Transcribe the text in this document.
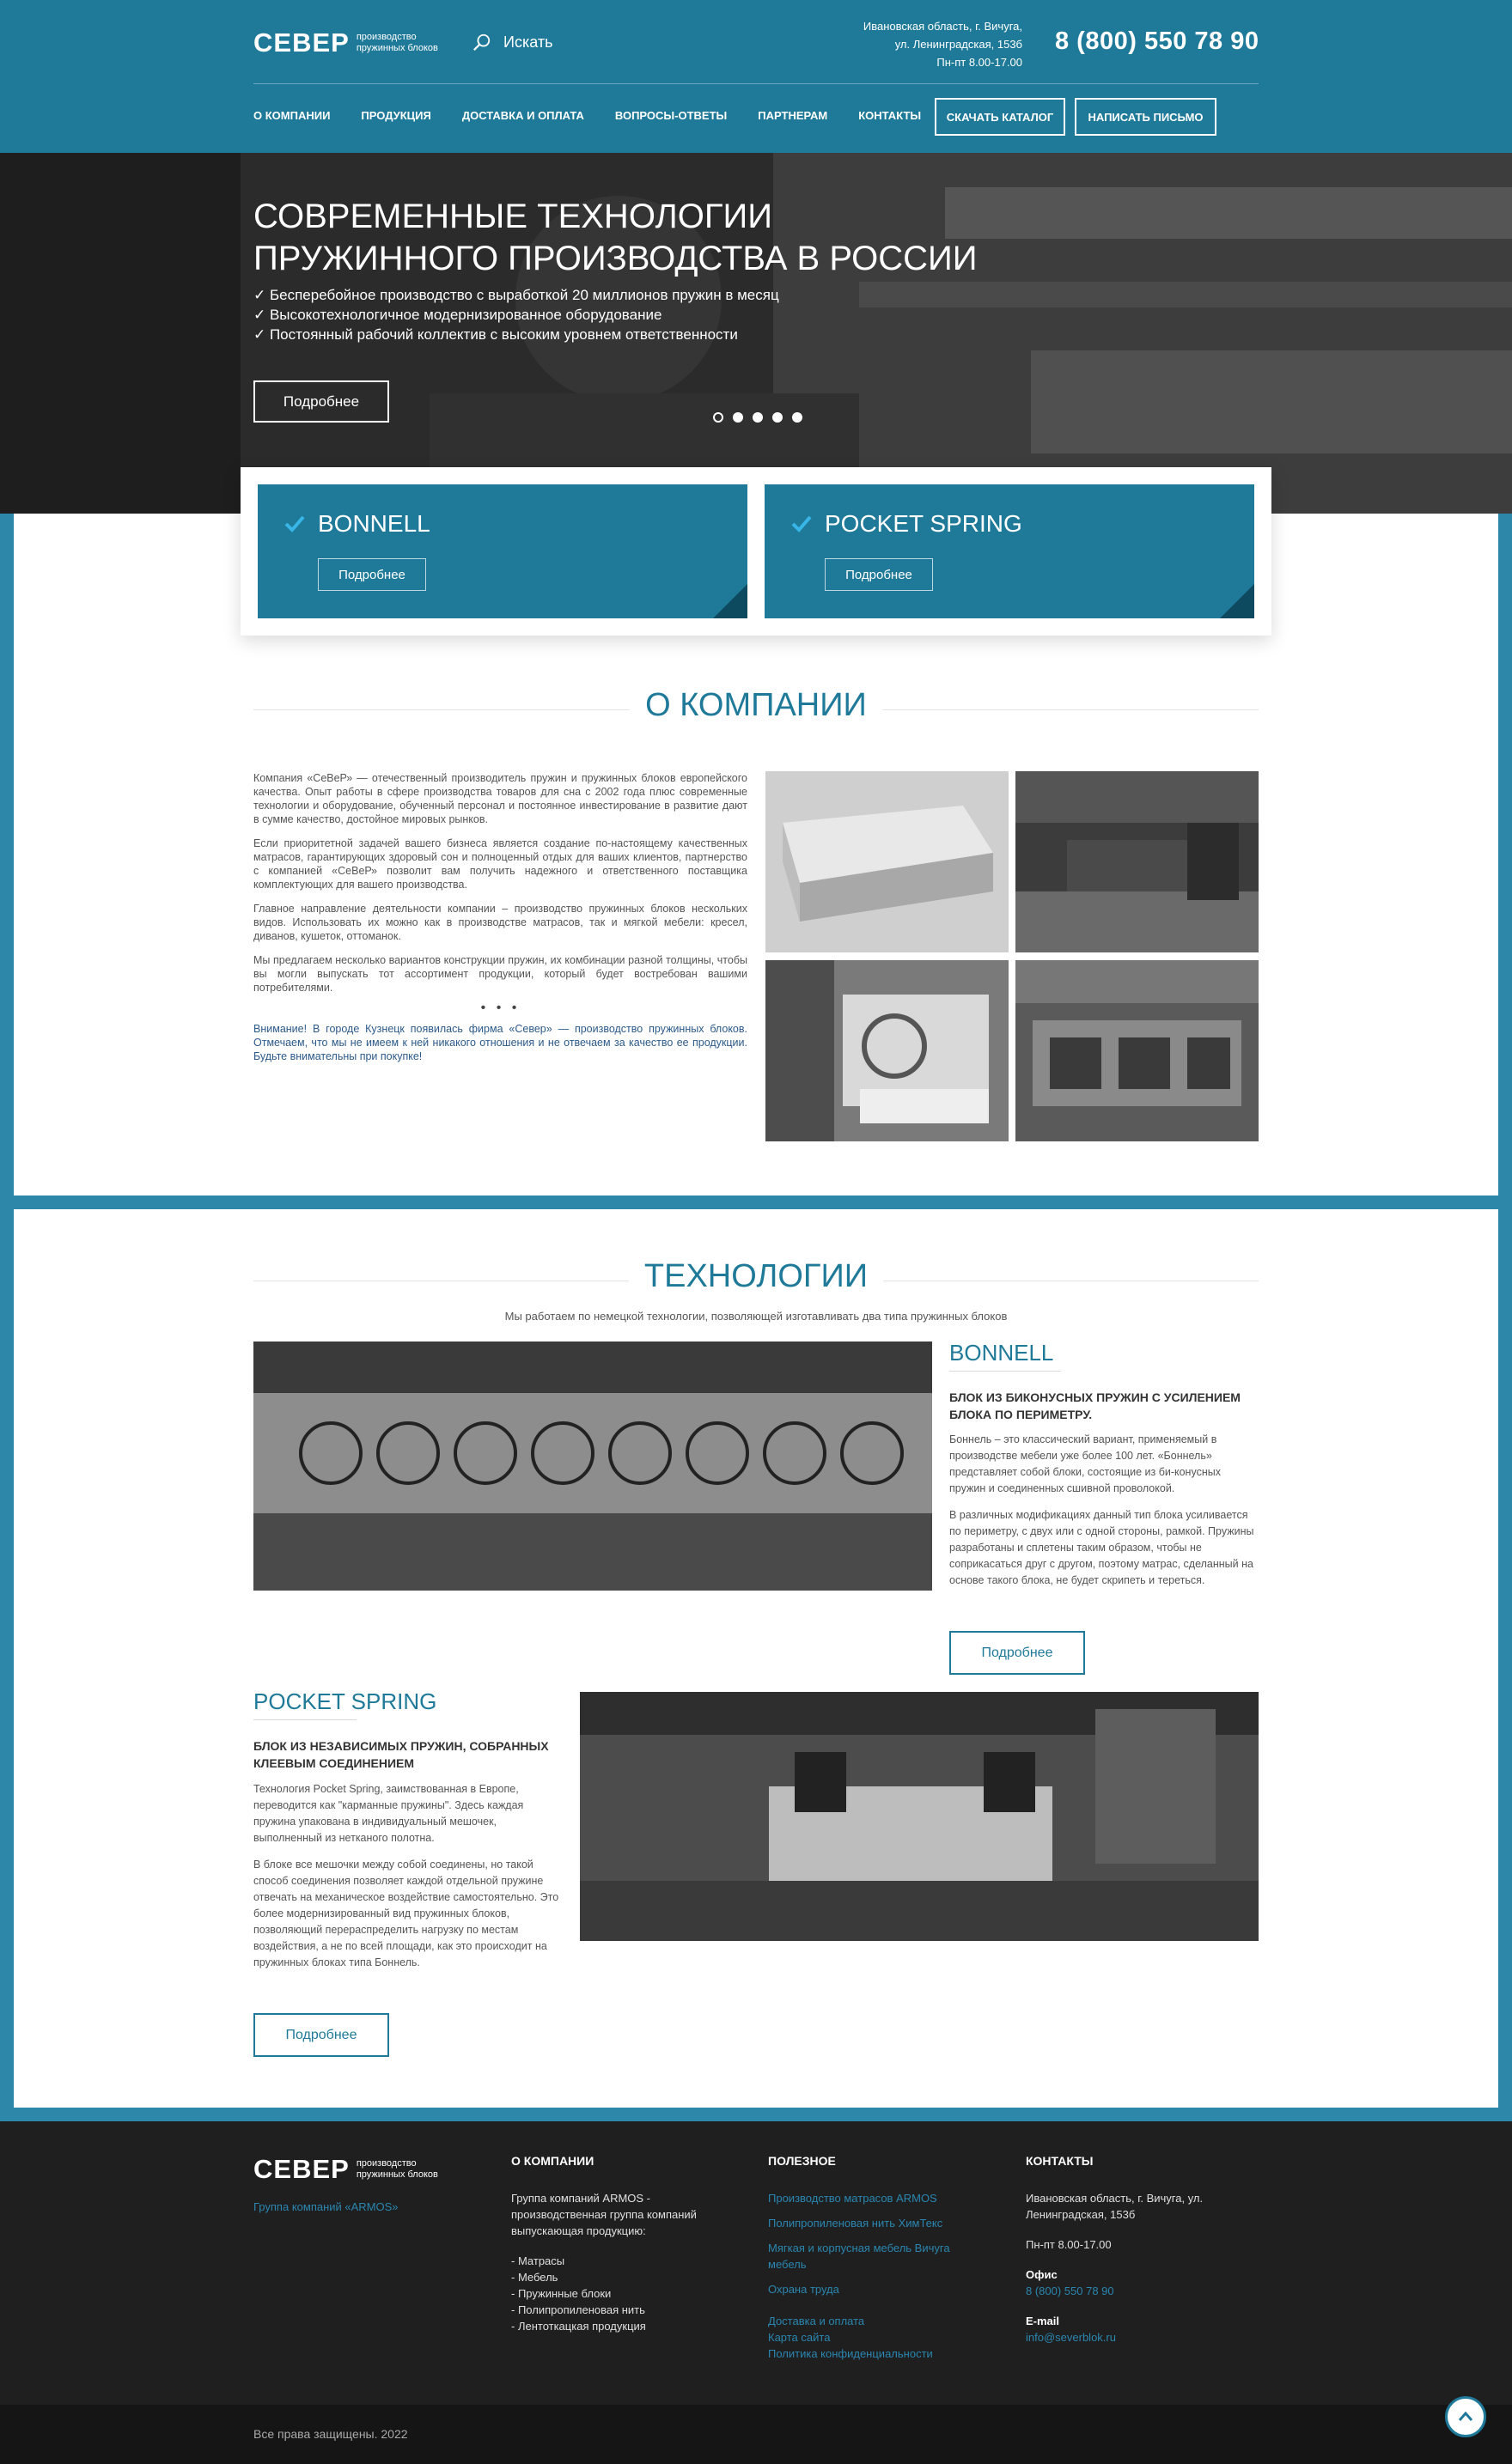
СЕВЕР производство пружинных блоков	Искать
Ивановская область, г. Вичуга,
ул. Ленинградская, 153б
Пн-пт 8.00-17.00
8 (800) 550 78 90
О КОМПАНИИ	ПРОДУКЦИЯ	ДОСТАВКА И ОПЛАТА	ВОПРОСЫ-ОТВЕТЫ	ПАРТНЕРАМ	КОНТАКТЫ	СКАЧАТЬ КАТАЛОГ	НАПИСАТЬ ПИСЬМО
СОВРЕМЕННЫЕ ТЕХНОЛОГИИ
ПРУЖИННОГО ПРОИЗВОДСТВА В РОССИИ
✓ Бесперебойное производство с выработкой 20 миллионов пружин в месяц
✓ Высокотехнологичное модернизированное оборудование
✓ Постоянный рабочий коллектив с высоким уровнем ответственности
Подробнее
BONNELL
Подробнее
POCKET SPRING
Подробнее
О КОМПАНИИ

Компания «СеВеР» — отечественный производитель пружин и пружинных блоков европейского качества. Опыт работы в сфере производства товаров для сна с 2002 года плюс современные технологии и оборудование, обученный персонал и постоянное инвестирование в развитие дают в сумме качество, достойное мировых рынков.

Если приоритетной задачей вашего бизнеса является создание по-настоящему качественных матрасов, гарантирующих здоровый сон и полноценный отдых для ваших клиентов, партнерство с компанией «СеВеР» позволит вам получить надежного и ответственного поставщика комплектующих для вашего производства.

Главное направление деятельности компании – производство пружинных блоков нескольких видов. Использовать их можно как в производстве матрасов, так и мягкой мебели: кресел, диванов, кушеток, оттоманок.

Мы предлагаем несколько вариантов конструкции пружин, их комбинации разной толщины, чтобы вы могли выпускать тот ассортимент продукции, который будет востребован вашими потребителями.

• • •

Внимание! В городе Кузнецк появилась фирма «Север» — производство пружинных блоков. Отмечаем, что мы не имеем к ней никакого отношения и не отвечаем за качество ее продукции. Будьте внимательны при покупке!

ТЕХНОЛОГИИ
Мы работаем по немецкой технологии, позволяющей изготавливать два типа пружинных блоков
BONNELL
БЛОК ИЗ БИКОНУСНЫХ ПРУЖИН С УСИЛЕНИЕМ БЛОКА ПО ПЕРИМЕТРУ.

Боннель – это классический вариант, применяемый в производстве мебели уже более 100 лет. «Боннель» представляет собой блоки, состоящие из би-конусных пружин и соединенных сшивной проволокой.

В различных модификациях данный тип блока усиливается по периметру, с двух или с одной стороны, рамкой. Пружины разработаны и сплетены таким образом, чтобы не соприкасаться друг с другом, поэтому матрас, сделанный на основе такого блока, не будет скрипеть и тереться.

Подробнее
POCKET SPRING
БЛОК ИЗ НЕЗАВИСИМЫХ ПРУЖИН, СОБРАННЫХ КЛЕЕВЫМ СОЕДИНЕНИЕМ

Технология Pocket Spring, заимствованная в Европе, переводится как "карманные пружины". Здесь каждая пружина упакована в индивидуальный мешочек, выполненный из нетканого полотна.

В блоке все мешочки между собой соединены, но такой способ соединения позволяет каждой отдельной пружине отвечать на механическое воздействие самостоятельно. Это более модернизированный вид пружинных блоков, позволяющий перераспределить нагрузку по местам воздействия, а не по всей площади, как это происходит на пружинных блоках типа Боннель.

Подробнее
СЕВЕР производство пружинных блоков
Группа компаний «ARMOS»
О КОМПАНИИ
Группа компаний ARMOS - производственная группа компаний выпускающая продукцию:
- Матрасы
- Мебель
- Пружинные блоки
- Полипропиленовая нить
- Лентоткацкая продукция
ПОЛЕЗНОЕ
Производство матрасов ARMOS
Полипропиленовая нить ХимТекс
Мягкая и корпусная мебель Вичуга мебель
Охрана труда
Доставка и оплата
Карта сайта
Политика конфиденциальности
КОНТАКТЫ
Ивановская область, г. Вичуга, ул. Ленинградская, 153б
Пн-пт 8.00-17.00
Офис
8 (800) 550 78 90
E-mail
info@severblok.ru
Все права защищены. 2022
